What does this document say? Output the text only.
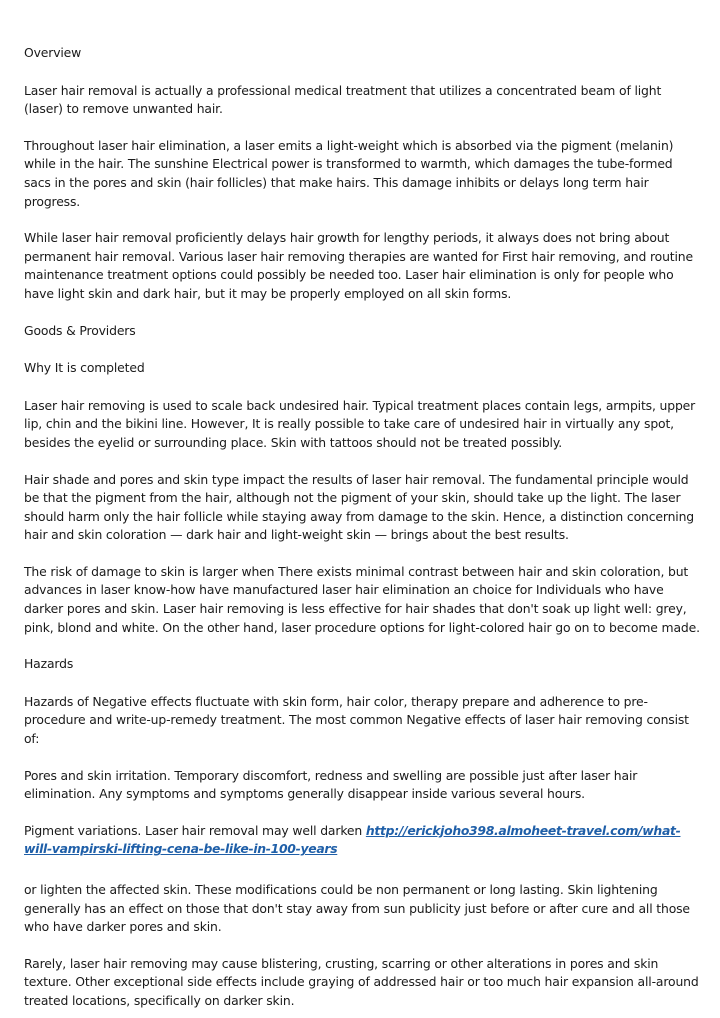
Overview

Laser hair removal is actually a professional medical treatment that utilizes a concentrated beam of light (laser) to remove unwanted hair.

Throughout laser hair elimination, a laser emits a light-weight which is absorbed via the pigment (melanin) while in the hair. The sunshine Electrical power is transformed to warmth, which damages the tube-formed sacs in the pores and skin (hair follicles) that make hairs. This damage inhibits or delays long term hair progress.

While laser hair removal proficiently delays hair growth for lengthy periods, it always does not bring about permanent hair removal. Various laser hair removing therapies are wanted for First hair removing, and routine maintenance treatment options could possibly be needed too. Laser hair elimination is only for people who have light skin and dark hair, but it may be properly employed on all skin forms.

Goods & Providers

Why It is completed

Laser hair removing is used to scale back undesired hair. Typical treatment places contain legs, armpits, upper lip, chin and the bikini line. However, It is really possible to take care of undesired hair in virtually any spot, besides the eyelid or surrounding place. Skin with tattoos should not be treated possibly.

Hair shade and pores and skin type impact the results of laser hair removal. The fundamental principle would be that the pigment from the hair, although not the pigment of your skin, should take up the light. The laser should harm only the hair follicle while staying away from damage to the skin. Hence, a distinction concerning hair and skin coloration — dark hair and light-weight skin — brings about the best results.

The risk of damage to skin is larger when There exists minimal contrast between hair and skin coloration, but advances in laser know-how have manufactured laser hair elimination an choice for Individuals who have darker pores and skin. Laser hair removing is less effective for hair shades that don't soak up light well: grey, pink, blond and white. On the other hand, laser procedure options for light-colored hair go on to become made.

Hazards

Hazards of Negative effects fluctuate with skin form, hair color, therapy prepare and adherence to pre-procedure and write-up-remedy treatment. The most common Negative effects of laser hair removing consist of:

Pores and skin irritation. Temporary discomfort, redness and swelling are possible just after laser hair elimination. Any symptoms and symptoms generally disappear inside various several hours.

Pigment variations. Laser hair removal may well darken http://erickjoho398.almoheet-travel.com/what-will-vampirski-lifting-cena-be-like-in-100-years

or lighten the affected skin. These modifications could be non permanent or long lasting. Skin lightening generally has an effect on those that don't stay away from sun publicity just before or after cure and all those who have darker pores and skin.

Rarely, laser hair removing may cause blistering, crusting, scarring or other alterations in pores and skin texture. Other exceptional side effects include graying of addressed hair or too much hair expansion all-around treated locations, specifically on darker skin.
